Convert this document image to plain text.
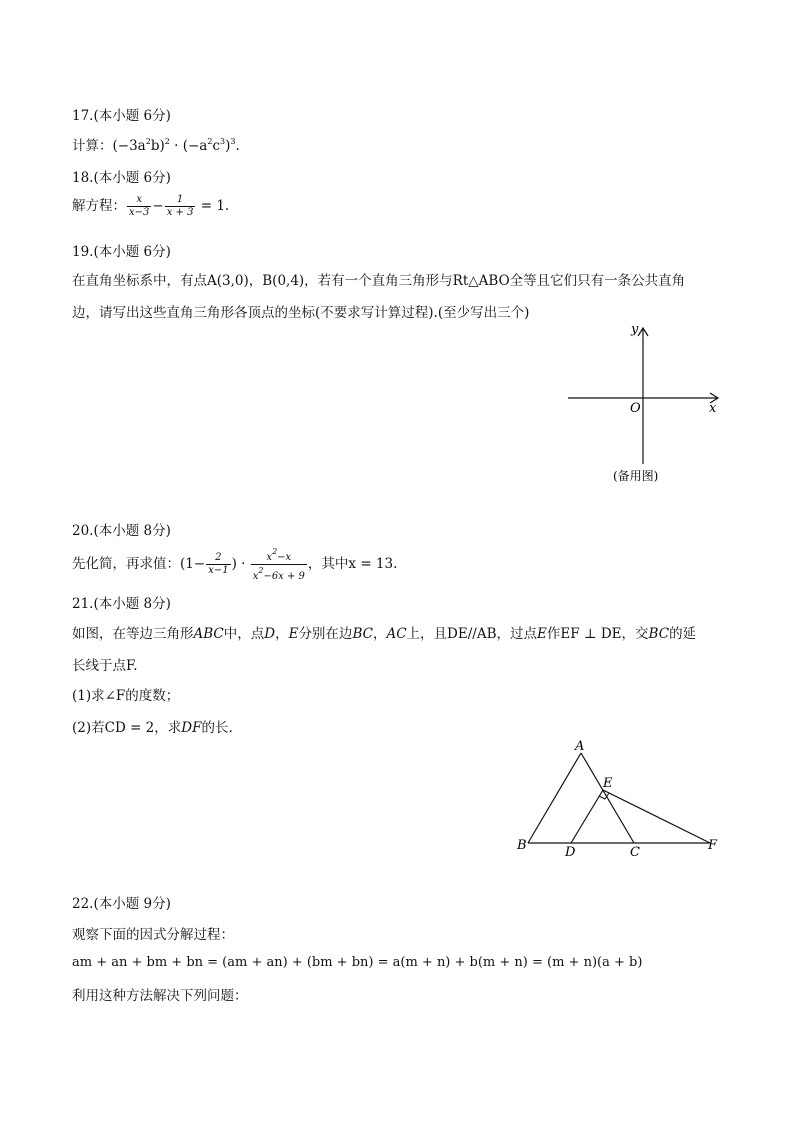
17.(本小题 6分)
计算：$(-3a^2b)^2 \cdot (-a^2c^3)^3$.
18.(本小题 6分)
解方程： $\frac{x}{x-3} - \frac{1}{x + 3} = 1$.
19.(本小题 6分)
在直角坐标系中，有点A(3,0)，B(0,4)，若有一个直角三角形与Rt△ABO全等且它们只有一条公共直角
边，请写出这些直角三角形各顶点的坐标(不要求写计算过程).(至少写出三个)
y
x
O
(备用图)
20.(本小题 8分)
先化简，再求值：($1- \frac{2}{x-1}$ ) · $\frac{x^2-x}{x^2-6x + 9}$ ，其中x = 13.
21.(本小题 8分)
如图，在等边三角形ABC中，点D，E分别在边BC，AC上，且DE//AB，过点E作EF ⊥ DE，交BC的延
长线于点F.
(1)求∠F的度数；
(2)若CD = 2，求DF的长.
A
B	D	C	F
E
22.(本小题 9分)
观察下面的因式分解过程：
am + an + bm + bn = (am + an) + (bm + bn) = a(m + n) + b(m + n) = (m + n)(a + b)
利用这种方法解决下列问题：
